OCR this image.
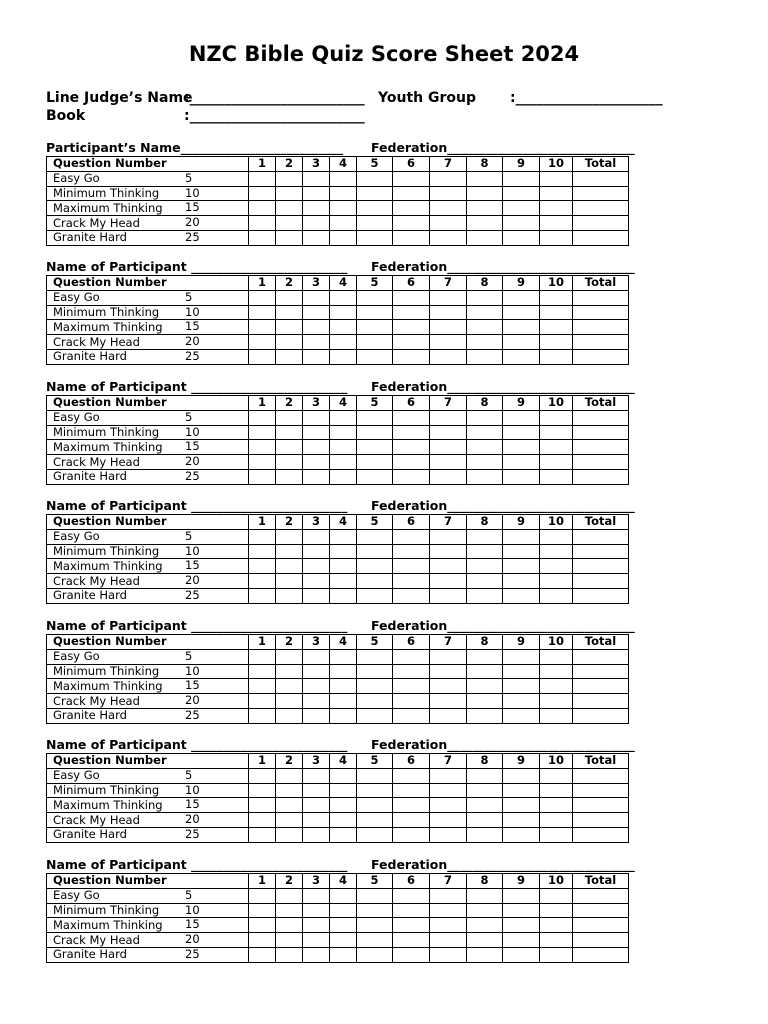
NZC Bible Quiz Score Sheet 2024
Line Judge’s Name:_________________________ Youth Group :_____________________
Book	:_________________________
Participant’s Name__________________________ Federation______________________________
Question Number	1	2	3	4	5	6	7	8	9	10	Total
Easy Go 5											

Minimum Thinking 10											

Maximum Thinking 15											

Crack My Head 20											

Granite Hard 25											

Name of Participant _________________________ Federation______________________________
Question Number	1	2	3	4	5	6	7	8	9	10	Total
Easy Go 5											

Minimum Thinking 10											

Maximum Thinking 15											

Crack My Head 20											

Granite Hard 25											

Name of Participant _________________________ Federation______________________________
Question Number	1	2	3	4	5	6	7	8	9	10	Total
Easy Go 5											

Minimum Thinking 10											

Maximum Thinking 15											

Crack My Head 20											

Granite Hard 25											

Name of Participant _________________________ Federation______________________________
Question Number	1	2	3	4	5	6	7	8	9	10	Total
Easy Go 5											

Minimum Thinking 10											

Maximum Thinking 15											

Crack My Head 20											

Granite Hard 25											

Name of Participant _________________________ Federation______________________________
Question Number	1	2	3	4	5	6	7	8	9	10	Total
Easy Go 5											

Minimum Thinking 10											

Maximum Thinking 15											

Crack My Head 20											

Granite Hard 25											

Name of Participant _________________________ Federation______________________________
Question Number	1	2	3	4	5	6	7	8	9	10	Total
Easy Go 5											

Minimum Thinking 10											

Maximum Thinking 15											

Crack My Head 20											

Granite Hard 25											

Name of Participant _________________________ Federation______________________________
Question Number	1	2	3	4	5	6	7	8	9	10	Total
Easy Go 5											

Minimum Thinking 10											

Maximum Thinking 15											

Crack My Head 20											

Granite Hard 25											
